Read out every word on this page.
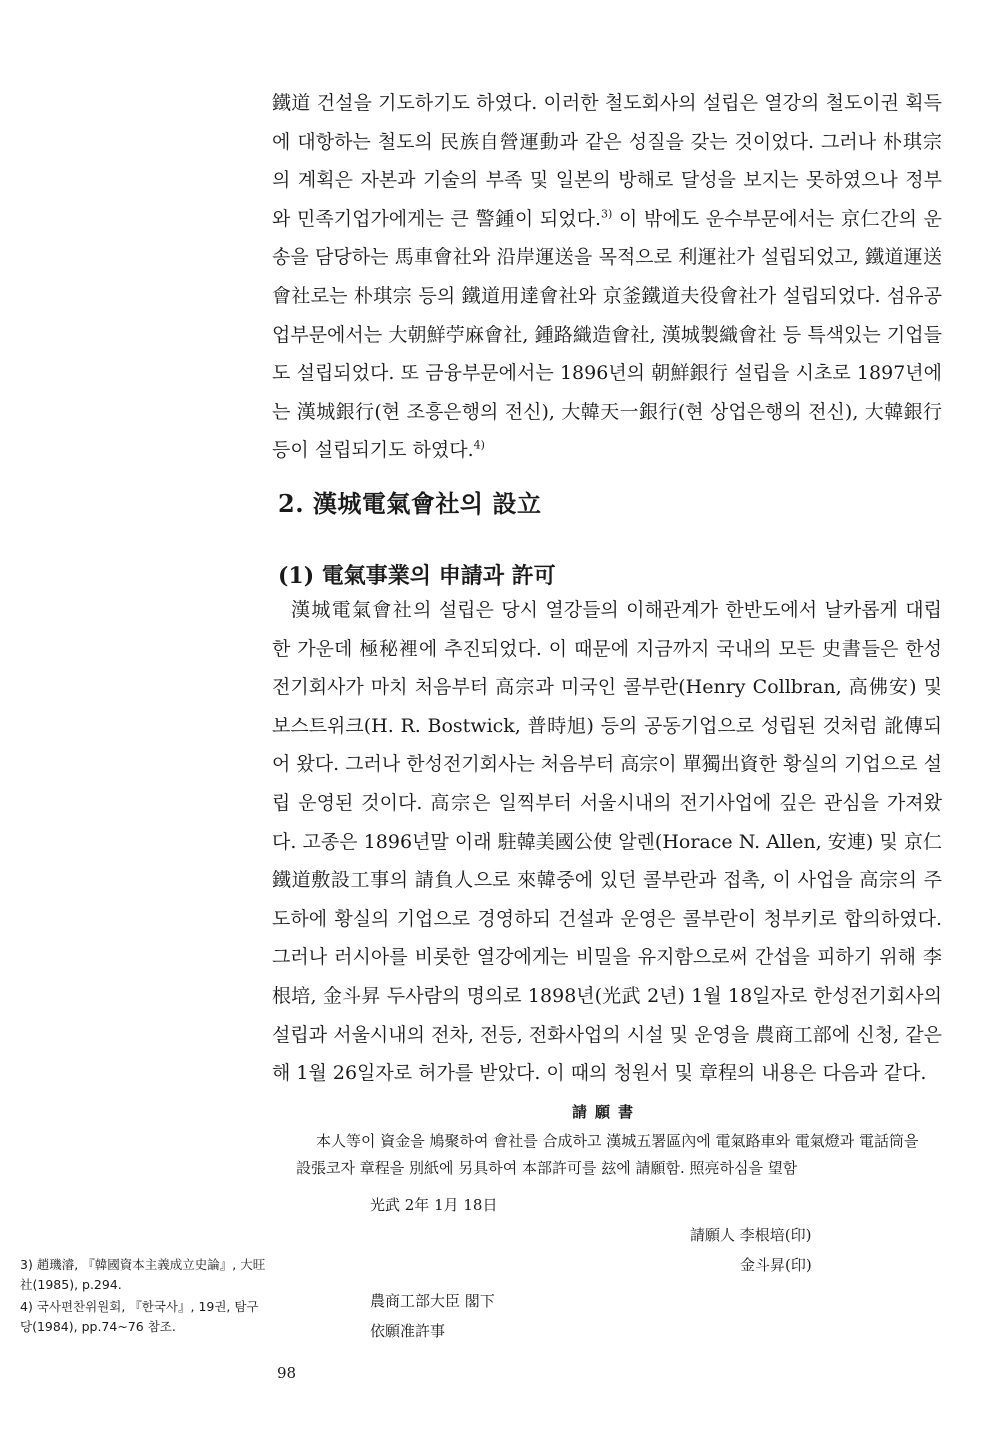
鐵道 건설을 기도하기도 하였다. 이러한 철도회사의 설립은 열강의 철도이권 획득에 대항하는 철도의 民族自營運動과 같은 성질을 갖는 것이었다. 그러나 朴琪宗의 계획은 자본과 기술의 부족 및 일본의 방해로 달성을 보지는 못하였으나 정부와 민족기업가에게는 큰 警鍾이 되었다.$^{3)}$ 이 밖에도 운수부문에서는 京仁간의 운송을 담당하는 馬車會社와 沿岸運送을 목적으로 利運社가 설립되었고, 鐵道運送會社로는 朴琪宗 등의 鐵道用達會社와 京釜鐵道夫役會社가 설립되었다. 섬유공업부문에서는 大朝鮮苧麻會社, 鍾路織造會社, 漢城製織會社 등 특색있는 기업들도 설립되었다. 또 금융부문에서는 1896년의 朝鮮銀行 설립을 시초로 1897년에는 漢城銀行(현 조흥은행의 전신), 大韓天一銀行(현 상업은행의 전신), 大韓銀行 등이 설립되기도 하였다.$^{4)}$

2. 漢城電氣會社의 設立
(1) 電氣事業의 申請과 許可

漢城電氣會社의 설립은 당시 열강들의 이해관계가 한반도에서 날카롭게 대립한 가운데 極秘裡에 추진되었다. 이 때문에 지금까지 국내의 모든 史書들은 한성전기회사가 마치 처음부터 高宗과 미국인 콜부란(Henry Collbran, 高佛安) 및 보스트위크(H. R. Bostwick, 普時旭) 등의 공동기업으로 성립된 것처럼 訛傳되어 왔다. 그러나 한성전기회사는 처음부터 高宗이 單獨出資한 황실의 기업으로 설립 운영된 것이다. 高宗은 일찍부터 서울시내의 전기사업에 깊은 관심을 가져왔다. 고종은 1896년말 이래 駐韓美國公使 알렌(Horace N. Allen, 安連) 및 京仁鐵道敷設工事의 請負人으로 來韓중에 있던 콜부란과 접촉, 이 사업을 高宗의 주도하에 황실의 기업으로 경영하되 건설과 운영은 콜부란이 청부키로 합의하였다. 그러나 러시아를 비롯한 열강에게는 비밀을 유지함으로써 간섭을 피하기 위해 李根培, 金斗昇 두사람의 명의로 1898년(光武 2년) 1월 18일자로 한성전기회사의 설립과 서울시내의 전차, 전등, 전화사업의 시설 및 운영을 農商工部에 신청, 같은 해 1월 26일자로 허가를 받았다. 이 때의 청원서 및 章程의 내용은 다음과 같다.

請願書

本人等이 資金을 鳩聚하여 會社를 合成하고 漢城五署區內에 電氣路車와 電氣燈과 電話筒을

設張코자 章程을 別紙에 另具하여 本部許可를 玆에 請願함. 照亮하심을 望함

光武 2年 1月 18日

請願人 李根培(印)

金斗昇(印)

農商工部大臣 閣下

依願准許事

3) 趙璣濬, 『韓國資本主義成立史論』, 大旺社(1985), p.294.

4) 국사편찬위원회, 『한국사』, 19권, 탐구당(1984), pp.74~76 참조.

98
